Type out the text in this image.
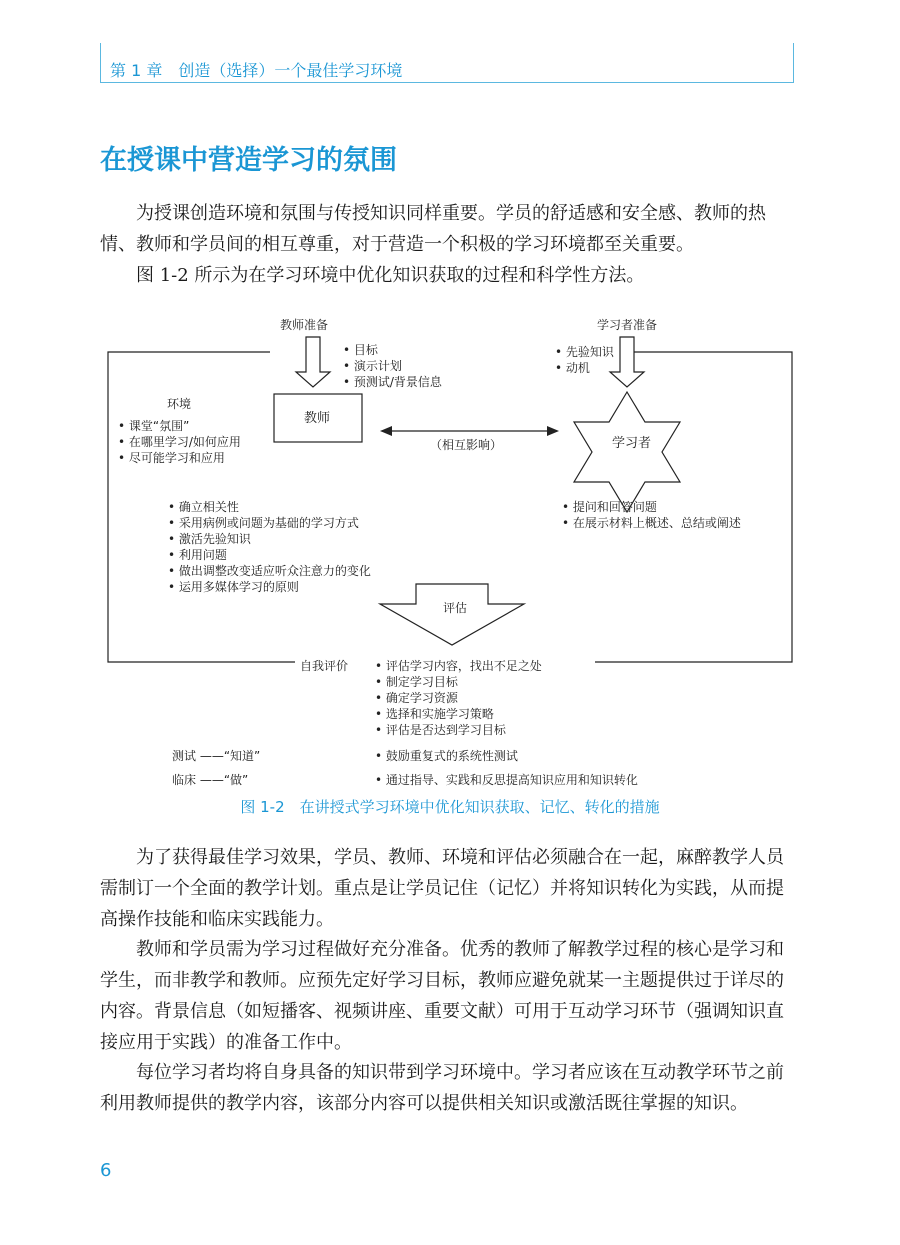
第 1 章　创造（选择）一个最佳学习环境
在授课中营造学习的氛围

为授课创造环境和氛围与传授知识同样重要。学员的舒适感和安全感、教师的热情、教师和学员间的相互尊重，对于营造一个积极的学习环境都至关重要。

图 1-2 所示为在学习环境中优化知识获取的过程和科学性方法。

教师准备
• 目标
• 演示计划
• 预测试/背景信息
学习者准备
• 先验知识
• 动机
环境
• 课堂“氛围”
• 在哪里学习/如何应用
• 尽可能学习和应用
教师
学习者
（相互影响）
• 确立相关性
• 采用病例或问题为基础的学习方式
• 激活先验知识
• 利用问题
• 做出调整改变适应听众注意力的变化
• 运用多媒体学习的原则
• 提问和回答问题
• 在展示材料上概述、总结或阐述
评估
自我评价 • 评估学习内容，找出不足之处
• 制定学习目标
• 确定学习资源
• 选择和实施学习策略
• 评估是否达到学习目标
测试 ——“知道”	• 鼓励重复式的系统性测试
临床 ——“做”	• 通过指导、实践和反思提高知识应用和知识转化
图 1-2　在讲授式学习环境中优化知识获取、记忆、转化的措施

为了获得最佳学习效果，学员、教师、环境和评估必须融合在一起，麻醉教学人员需制订一个全面的教学计划。重点是让学员记住（记忆）并将知识转化为实践，从而提高操作技能和临床实践能力。

教师和学员需为学习过程做好充分准备。优秀的教师了解教学过程的核心是学习和学生，而非教学和教师。应预先定好学习目标，教师应避免就某一主题提供过于详尽的内容。背景信息（如短播客、视频讲座、重要文献）可用于互动学习环节（强调知识直接应用于实践）的准备工作中。

每位学习者均将自身具备的知识带到学习环境中。学习者应该在互动教学环节之前利用教师提供的教学内容，该部分内容可以提供相关知识或激活既往掌握的知识。

6
